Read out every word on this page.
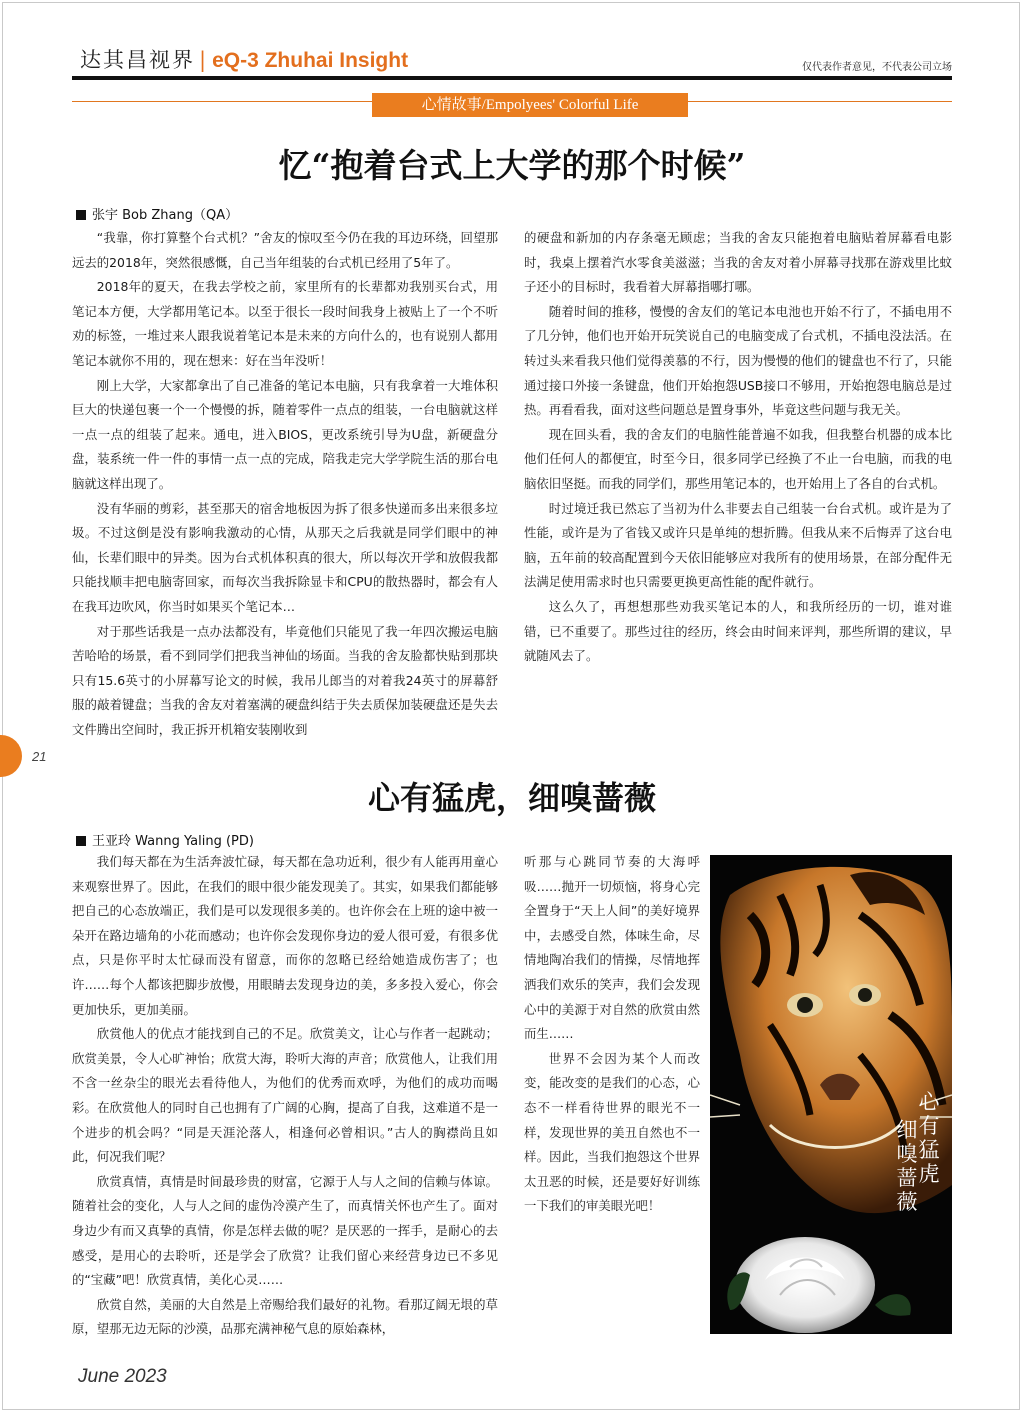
达其昌视界 | eQ-3 Zhuhai Insight	仅代表作者意见，不代表公司立场
心情故事/Empolyees' Colorful Life
忆“抱着台式上大学的那个时候”
张宇 Bob Zhang（QA）

“我靠，你打算整个台式机？”舍友的惊叹至今仍在我的耳边环绕，回望那远去的2018年，突然很感慨，自己当年组装的台式机已经用了5年了。

2018年的夏天，在我去学校之前，家里所有的长辈都劝我别买台式，用笔记本方便，大学都用笔记本。以至于很长一段时间我身上被贴上了一个不听劝的标签，一堆过来人跟我说着笔记本是未来的方向什么的，也有说别人都用笔记本就你不用的，现在想来：好在当年没听！

刚上大学，大家都拿出了自己准备的笔记本电脑，只有我拿着一大堆体积巨大的快递包裹一个一个慢慢的拆，随着零件一点点的组装，一台电脑就这样一点一点的组装了起来。通电，进入BIOS，更改系统引导为U盘，新硬盘分盘，装系统一件一件的事情一点一点的完成，陪我走完大学学院生活的那台电脑就这样出现了。

没有华丽的剪彩，甚至那天的宿舍地板因为拆了很多快递而多出来很多垃圾。不过这倒是没有影响我激动的心情，从那天之后我就是同学们眼中的神仙，长辈们眼中的异类。因为台式机体积真的很大，所以每次开学和放假我都只能找顺丰把电脑寄回家，而每次当我拆除显卡和CPU的散热器时，都会有人在我耳边吹风，你当时如果买个笔记本…

对于那些话我是一点办法都没有，毕竟他们只能见了我一年四次搬运电脑苦哈哈的场景，看不到同学们把我当神仙的场面。当我的舍友脸都快贴到那块只有15.6英寸的小屏幕写论文的时候，我吊儿郎当的对着我24英寸的屏幕舒服的敲着键盘；当我的舍友对着塞满的硬盘纠结于失去质保加装硬盘还是失去文件腾出空间时，我正拆开机箱安装刚收到

的硬盘和新加的内存条毫无顾虑；当我的舍友只能抱着电脑贴着屏幕看电影时，我桌上摆着汽水零食美滋滋；当我的舍友对着小屏幕寻找那在游戏里比蚊子还小的目标时，我看着大屏幕指哪打哪。

随着时间的推移，慢慢的舍友们的笔记本电池也开始不行了，不插电用不了几分钟，他们也开始开玩笑说自己的电脑变成了台式机，不插电没法活。在转过头来看我只他们觉得羡慕的不行，因为慢慢的他们的键盘也不行了，只能通过接口外接一条键盘，他们开始抱怨USB接口不够用，开始抱怨电脑总是过热。再看看我，面对这些问题总是置身事外，毕竟这些问题与我无关。

现在回头看，我的舍友们的电脑性能普遍不如我，但我整台机器的成本比他们任何人的都便宜，时至今日，很多同学已经换了不止一台电脑，而我的电脑依旧坚挺。而我的同学们，那些用笔记本的，也开始用上了各自的台式机。

时过境迁我已然忘了当初为什么非要去自己组装一台台式机。或许是为了性能，或许是为了省钱又或许只是单纯的想折腾。但我从来不后悔弄了这台电脑，五年前的较高配置到今天依旧能够应对我所有的使用场景，在部分配件无法满足使用需求时也只需要更换更高性能的配件就行。

这么久了，再想想那些劝我买笔记本的人，和我所经历的一切，谁对谁错，已不重要了。那些过往的经历，终会由时间来评判，那些所谓的建议，早就随风去了。

21
心有猛虎，细嗅蔷薇
王亚玲 Wanng Yaling (PD)

我们每天都在为生活奔波忙碌，每天都在急功近利，很少有人能再用童心来观察世界了。因此，在我们的眼中很少能发现美了。其实，如果我们都能够把自己的心态放端正，我们是可以发现很多美的。也许你会在上班的途中被一朵开在路边墙角的小花而感动；也许你会发现你身边的爱人很可爱，有很多优点，只是你平时太忙碌而没有留意，而你的忽略已经给她造成伤害了；也许……每个人都该把脚步放慢，用眼睛去发现身边的美，多多投入爱心，你会更加快乐，更加美丽。

欣赏他人的优点才能找到自己的不足。欣赏美文，让心与作者一起跳动；欣赏美景，令人心旷神怡；欣赏大海，聆听大海的声音；欣赏他人，让我们用不含一丝杂尘的眼光去看待他人，为他们的优秀而欢呼，为他们的成功而喝彩。在欣赏他人的同时自己也拥有了广阔的心胸，提高了自我，这难道不是一个进步的机会吗？“同是天涯沦落人，相逢何必曾相识。”古人的胸襟尚且如此，何况我们呢？

欣赏真情，真情是时间最珍贵的财富，它源于人与人之间的信赖与体谅。随着社会的变化，人与人之间的虚伪冷漠产生了，而真情关怀也产生了。面对身边少有而又真挚的真情，你是怎样去做的呢？是厌恶的一挥手，是耐心的去感受，是用心的去聆听，还是学会了欣赏？让我们留心来经营身边已不多见的“宝藏”吧！欣赏真情，美化心灵……

欣赏自然，美丽的大自然是上帝赐给我们最好的礼物。看那辽阔无垠的草原，望那无边无际的沙漠，品那充满神秘气息的原始森林，

听那与心跳同节奏的大海呼吸……抛开一切烦恼，将身心完全置身于“天上人间”的美好境界中，去感受自然，体味生命，尽情地陶冶我们的情操，尽情地挥洒我们欢乐的笑声，我们会发现心中的美源于对自然的欣赏由然而生……

世界不会因为某个人而改变，能改变的是我们的心态，心态不一样看待世界的眼光不一样，发现世界的美丑自然也不一样。因此，当我们抱怨这个世界太丑恶的时候，还是要好好训练一下我们的审美眼光吧！

心有猛虎
细嗅蔷薇
June 2023
